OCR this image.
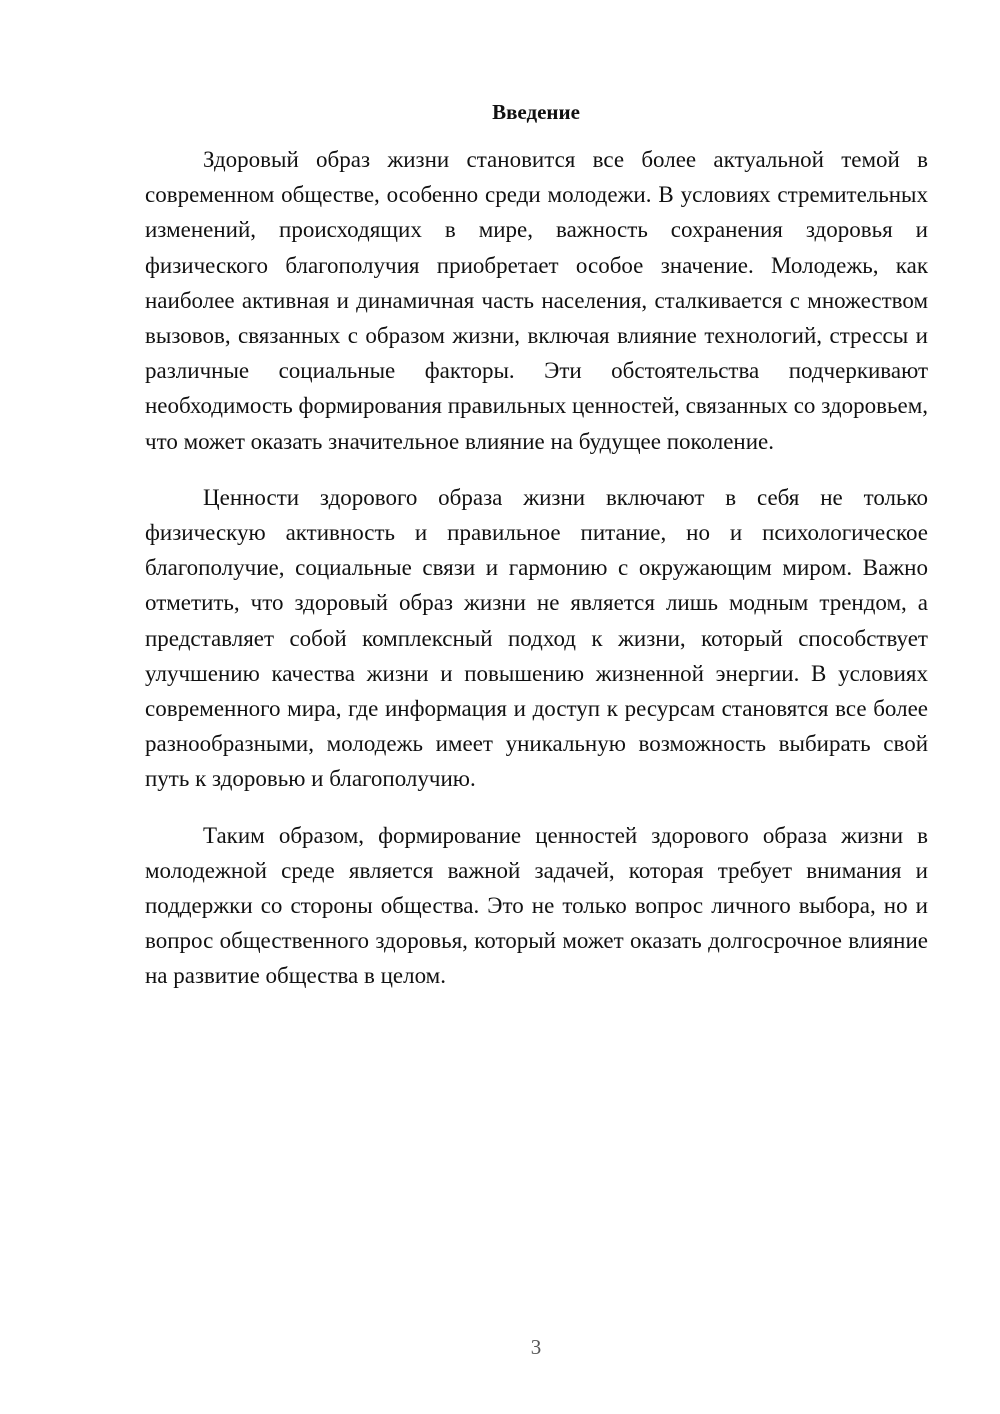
Введение

Здоровый образ жизни становится все более актуальной темой в современном обществе, особенно среди молодежи. В условиях стремительных изменений, происходящих в мире, важность сохранения здоровья и физического благополучия приобретает особое значение. Молодежь, как наиболее активная и динамичная часть населения, сталкивается с множеством вызовов, связанных с образом жизни, включая влияние технологий, стрессы и различные социальные факторы. Эти обстоятельства подчеркивают необходимость формирования правильных ценностей, связанных со здоровьем, что может оказать значительное влияние на будущее поколение.

Ценности здорового образа жизни включают в себя не только физическую активность и правильное питание, но и психологическое благополучие, социальные связи и гармонию с окружающим миром. Важно отметить, что здоровый образ жизни не является лишь модным трендом, а представляет собой комплексный подход к жизни, который способствует улучшению качества жизни и повышению жизненной энергии. В условиях современного мира, где информация и доступ к ресурсам становятся все более разнообразными, молодежь имеет уникальную возможность выбирать свой путь к здоровью и благополучию.

Таким образом, формирование ценностей здорового образа жизни в молодежной среде является важной задачей, которая требует внимания и поддержки со стороны общества. Это не только вопрос личного выбора, но и вопрос общественного здоровья, который может оказать долгосрочное влияние на развитие общества в целом.

3
